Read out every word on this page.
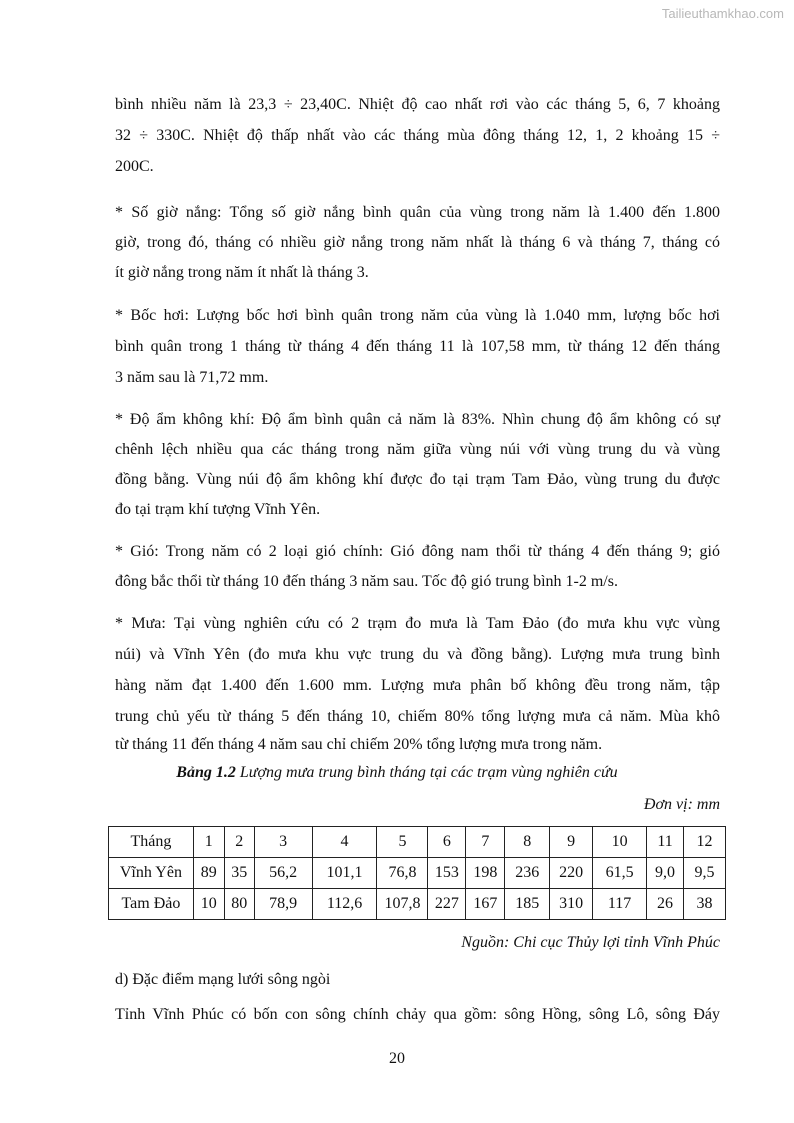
Tailieuthamkhao.com
bình nhiều năm là 23,3 ÷ 23,40C. Nhiệt độ cao nhất rơi vào các tháng 5, 6, 7 khoảng
32 ÷ 330C. Nhiệt độ thấp nhất vào các tháng mùa đông tháng 12, 1, 2 khoảng 15 ÷
200C.
* Số giờ nắng: Tổng số giờ nắng bình quân của vùng trong năm là 1.400 đến 1.800
giờ, trong đó, tháng có nhiều giờ nắng trong năm nhất là tháng 6 và tháng 7, tháng có
ít giờ nắng trong năm ít nhất là tháng 3.
* Bốc hơi: Lượng bốc hơi bình quân trong năm của vùng là 1.040 mm, lượng bốc hơi
bình quân trong 1 tháng từ tháng 4 đến tháng 11 là 107,58 mm, từ tháng 12 đến tháng
3 năm sau là 71,72 mm.
* Độ ẩm không khí: Độ ẩm bình quân cả năm là 83%. Nhìn chung độ ẩm không có sự
chênh lệch nhiều qua các tháng trong năm giữa vùng núi với vùng trung du và vùng
đồng bằng. Vùng núi độ ẩm không khí được đo tại trạm Tam Đảo, vùng trung du được
đo tại trạm khí tượng Vĩnh Yên.
* Gió: Trong năm có 2 loại gió chính: Gió đông nam thổi từ tháng 4 đến tháng 9; gió
đông bắc thổi từ tháng 10 đến tháng 3 năm sau. Tốc độ gió trung bình 1-2 m/s.
* Mưa: Tại vùng nghiên cứu có 2 trạm đo mưa là Tam Đảo (đo mưa khu vực vùng
núi) và Vĩnh Yên (đo mưa khu vực trung du và đồng bằng). Lượng mưa trung bình
hàng năm đạt 1.400 đến 1.600 mm. Lượng mưa phân bố không đều trong năm, tập
trung chủ yếu từ tháng 5 đến tháng 10, chiếm 80% tổng lượng mưa cả năm. Mùa khô
từ tháng 11 đến tháng 4 năm sau chỉ chiếm 20% tổng lượng mưa trong năm.
Bảng 1.2 Lượng mưa trung bình tháng tại các trạm vùng nghiên cứu
Đơn vị: mm
Tháng	1	2	3	4	5	6	7	8	9	10	11	12
Vĩnh Yên	89	35	56,2	101,1	76,8	153	198	236	220	61,5	9,0	9,5
Tam Đảo	10	80	78,9	112,6	107,8	227	167	185	310	117	26	38
Nguồn: Chi cục Thủy lợi tỉnh Vĩnh Phúc
d) Đặc điểm mạng lưới sông ngòi
Tỉnh Vĩnh Phúc có bốn con sông chính chảy qua gồm: sông Hồng, sông Lô, sông Đáy
20
